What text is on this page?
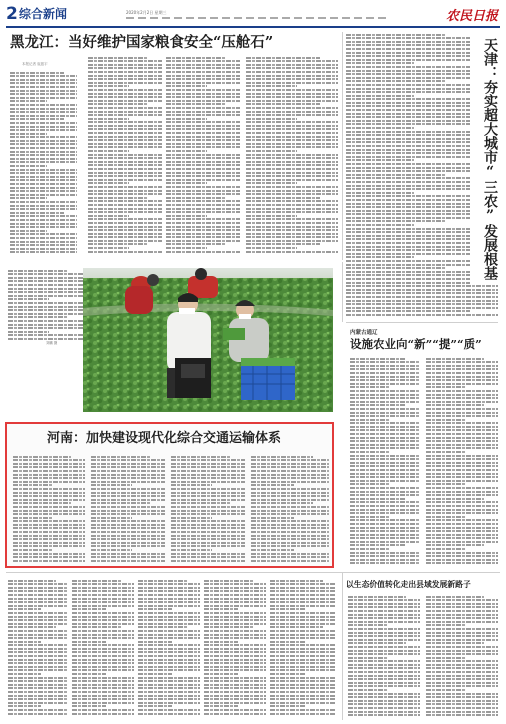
2 综合新闻	2020年2月2日 星期三	农民日报
黑龙江：当好维护国家粮食安全“压舱石”
本报记者 崔振宇	天津：夯实超大城市“三农”发展根基
刘鹏 摄
河南：加快建设现代化综合交通运输体系
内蒙古通辽
设施农业向“新”“提”“质”
以生态价值转化走出县域发展新路子
